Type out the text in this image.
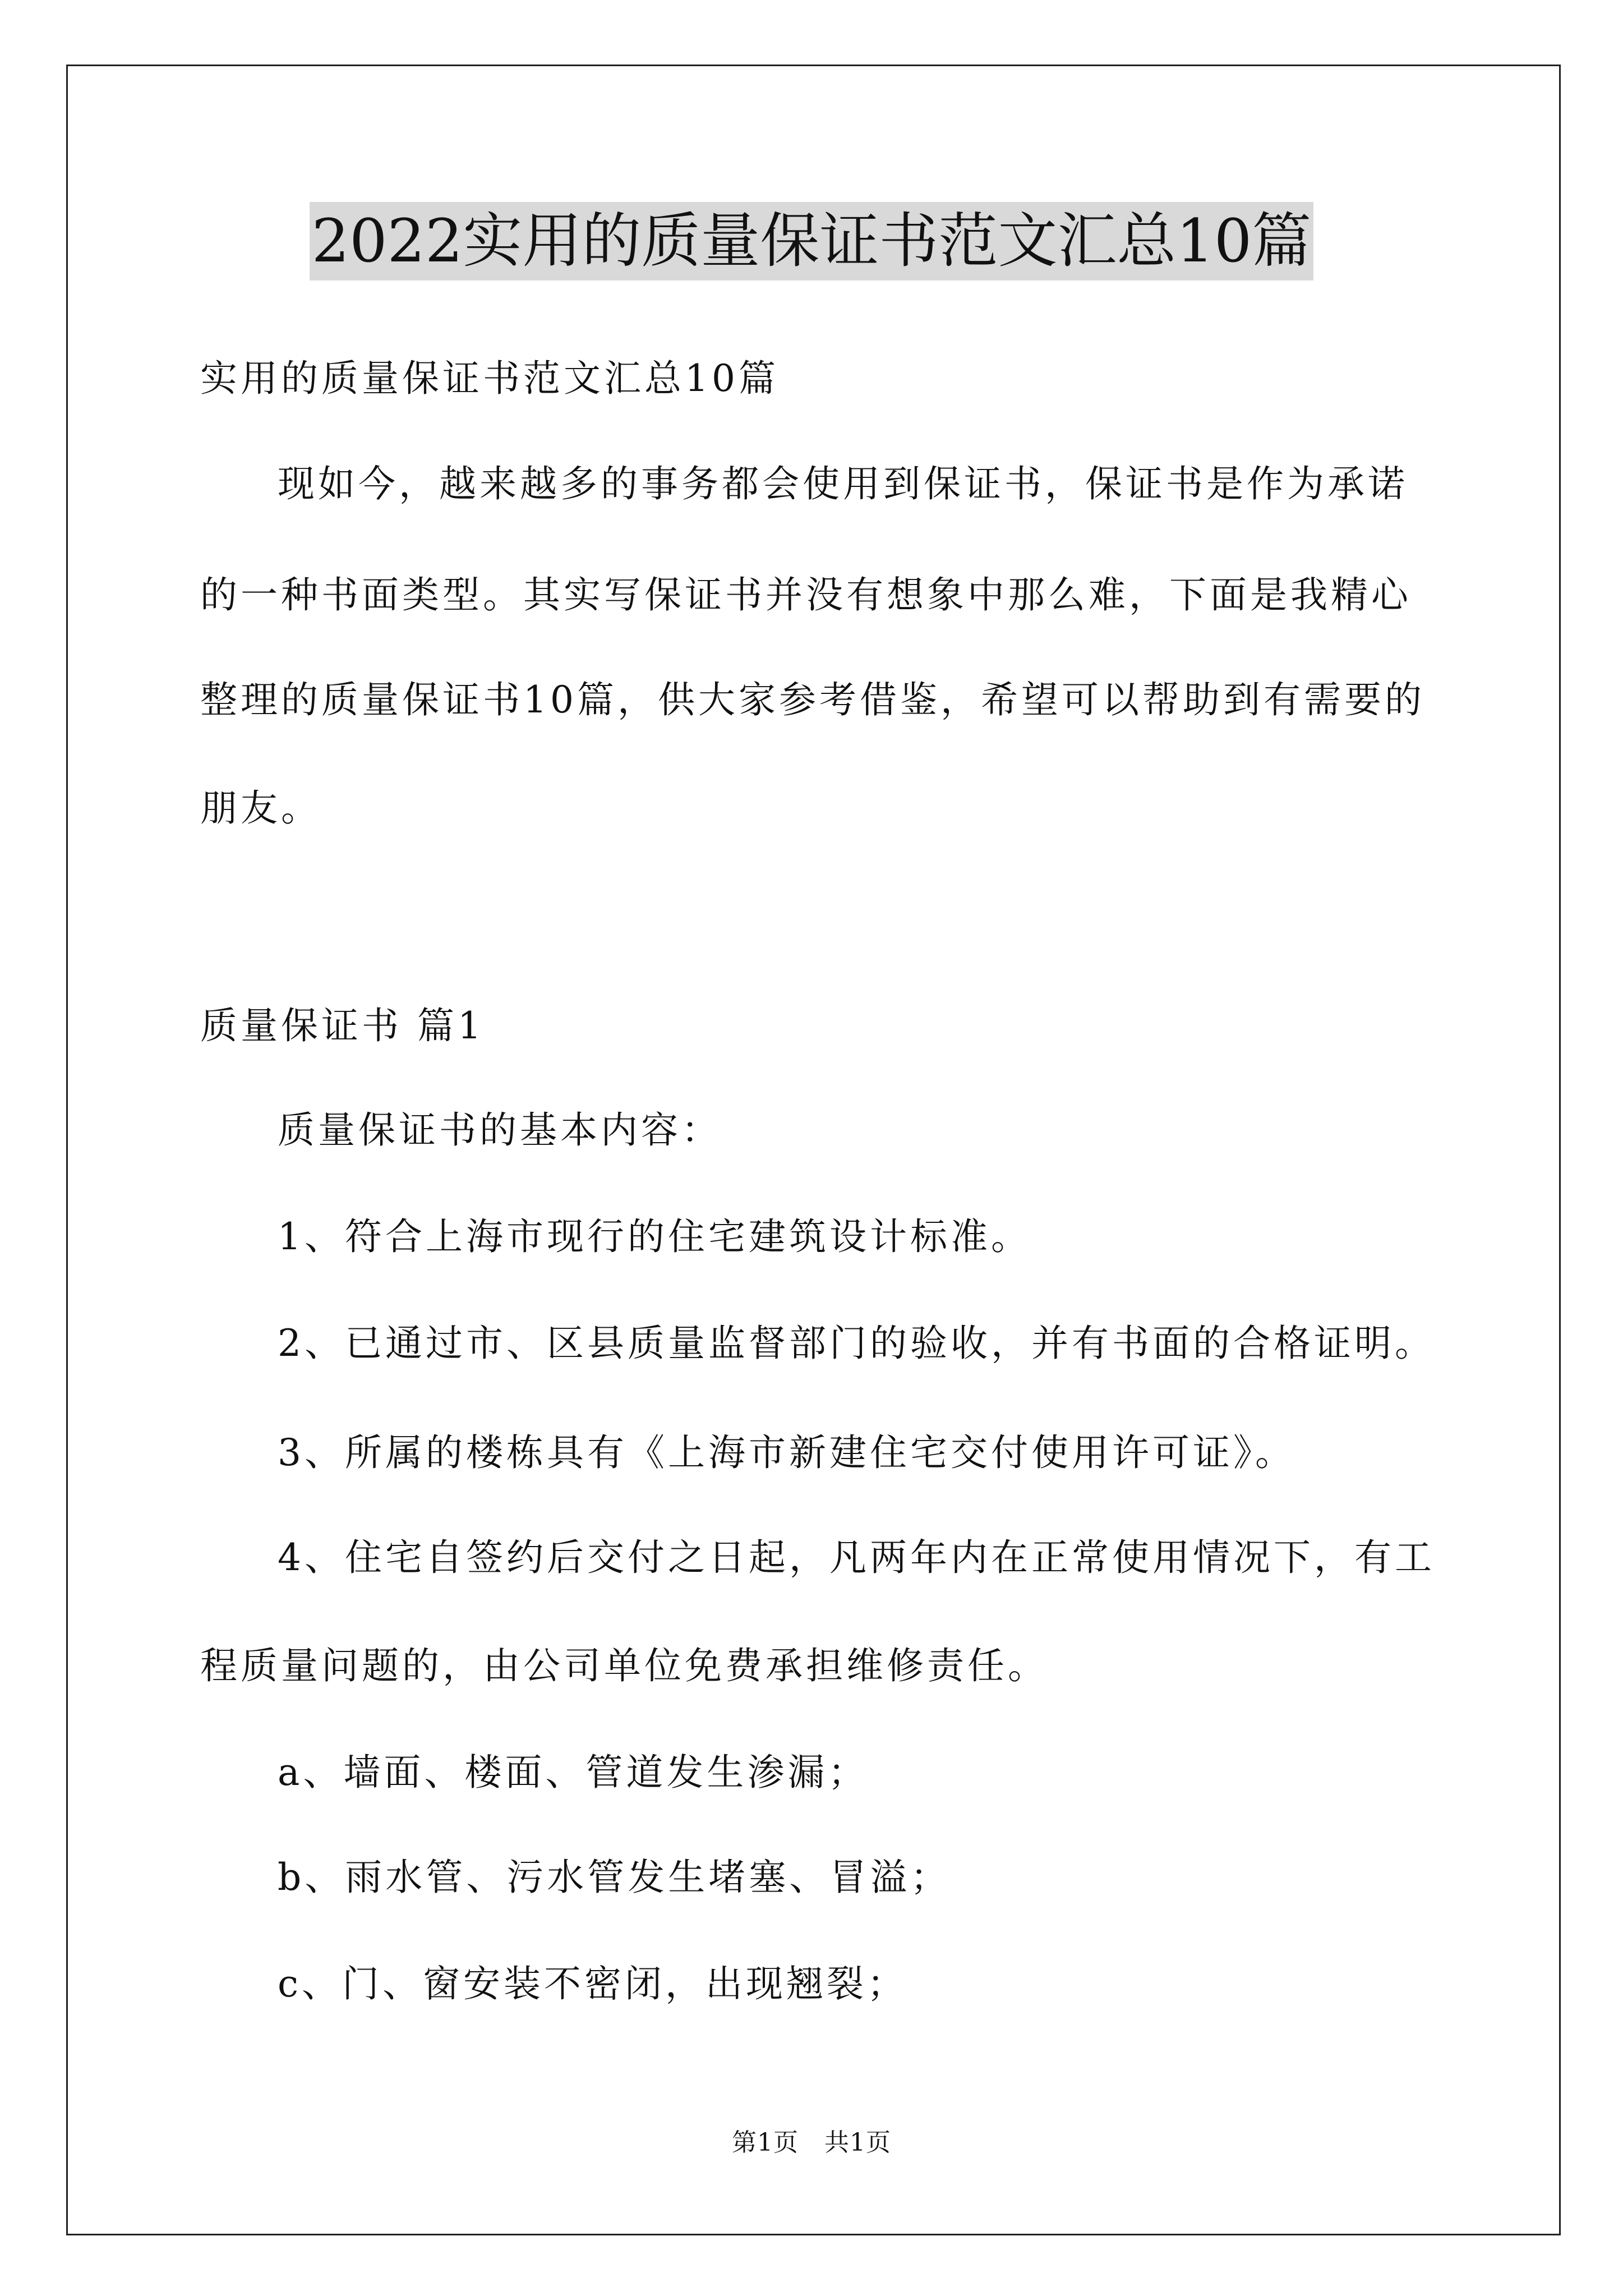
2022实用的质量保证书范文汇总10篇
实用的质量保证书范文汇总10篇
现如今，越来越多的事务都会使用到保证书，保证书是作为承诺
的一种书面类型。其实写保证书并没有想象中那么难，下面是我精心
整理的质量保证书10篇，供大家参考借鉴，希望可以帮助到有需要的
朋友。
质量保证书 篇1
质量保证书的基本内容：
1、符合上海市现行的住宅建筑设计标准。
2、已通过市、区县质量监督部门的验收，并有书面的合格证明。
3、所属的楼栋具有《上海市新建住宅交付使用许可证》。
4、住宅自签约后交付之日起，凡两年内在正常使用情况下，有工
程质量问题的，由公司单位免费承担维修责任。
a、墙面、楼面、管道发生渗漏；
b、雨水管、污水管发生堵塞、冒溢；
c、门、窗安装不密闭，出现翘裂；
第1页 共1页
